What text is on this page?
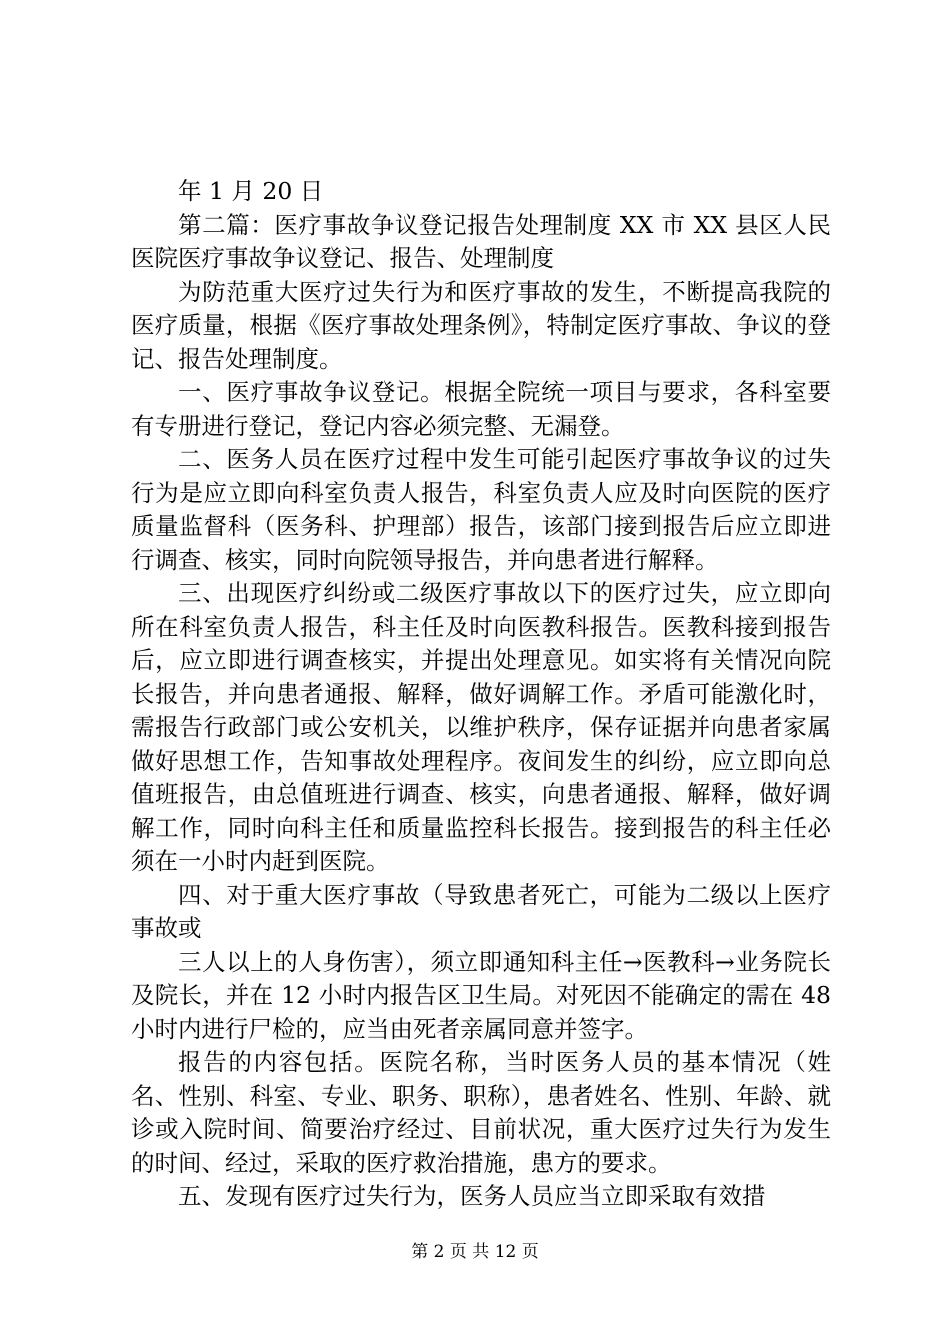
年 1 月 20 日

第二篇：医疗事故争议登记报告处理制度 XX 市 XX 县区人民医院医疗事故争议登记、报告、处理制度

为防范重大医疗过失行为和医疗事故的发生，不断提高我院的医疗质量，根据《医疗事故处理条例》，特制定医疗事故、争议的登记、报告处理制度。

一、医疗事故争议登记。根据全院统一项目与要求，各科室要有专册进行登记，登记内容必须完整、无漏登。

二、医务人员在医疗过程中发生可能引起医疗事故争议的过失行为是应立即向科室负责人报告，科室负责人应及时向医院的医疗质量监督科（医务科、护理部）报告，该部门接到报告后应立即进行调查、核实，同时向院领导报告，并向患者进行解释。

三、出现医疗纠纷或二级医疗事故以下的医疗过失，应立即向所在科室负责人报告，科主任及时向医教科报告。医教科接到报告后，应立即进行调查核实，并提出处理意见。如实将有关情况向院长报告，并向患者通报、解释，做好调解工作。矛盾可能激化时，需报告行政部门或公安机关，以维护秩序，保存证据并向患者家属做好思想工作，告知事故处理程序。夜间发生的纠纷，应立即向总值班报告，由总值班进行调查、核实，向患者通报、解释，做好调解工作，同时向科主任和质量监控科长报告。接到报告的科主任必须在一小时内赶到医院。

四、对于重大医疗事故（导致患者死亡，可能为二级以上医疗事故或

三人以上的人身伤害），须立即通知科主任→医教科→业务院长及院长，并在 12 小时内报告区卫生局。对死因不能确定的需在 48 小时内进行尸检的，应当由死者亲属同意并签字。

报告的内容包括。医院名称，当时医务人员的基本情况（姓名、性别、科室、专业、职务、职称），患者姓名、性别、年龄、就诊或入院时间、简要治疗经过、目前状况，重大医疗过失行为发生的时间、经过，采取的医疗救治措施，患方的要求。

五、发现有医疗过失行为，医务人员应当立即采取有效措

第 2 页 共 12 页
